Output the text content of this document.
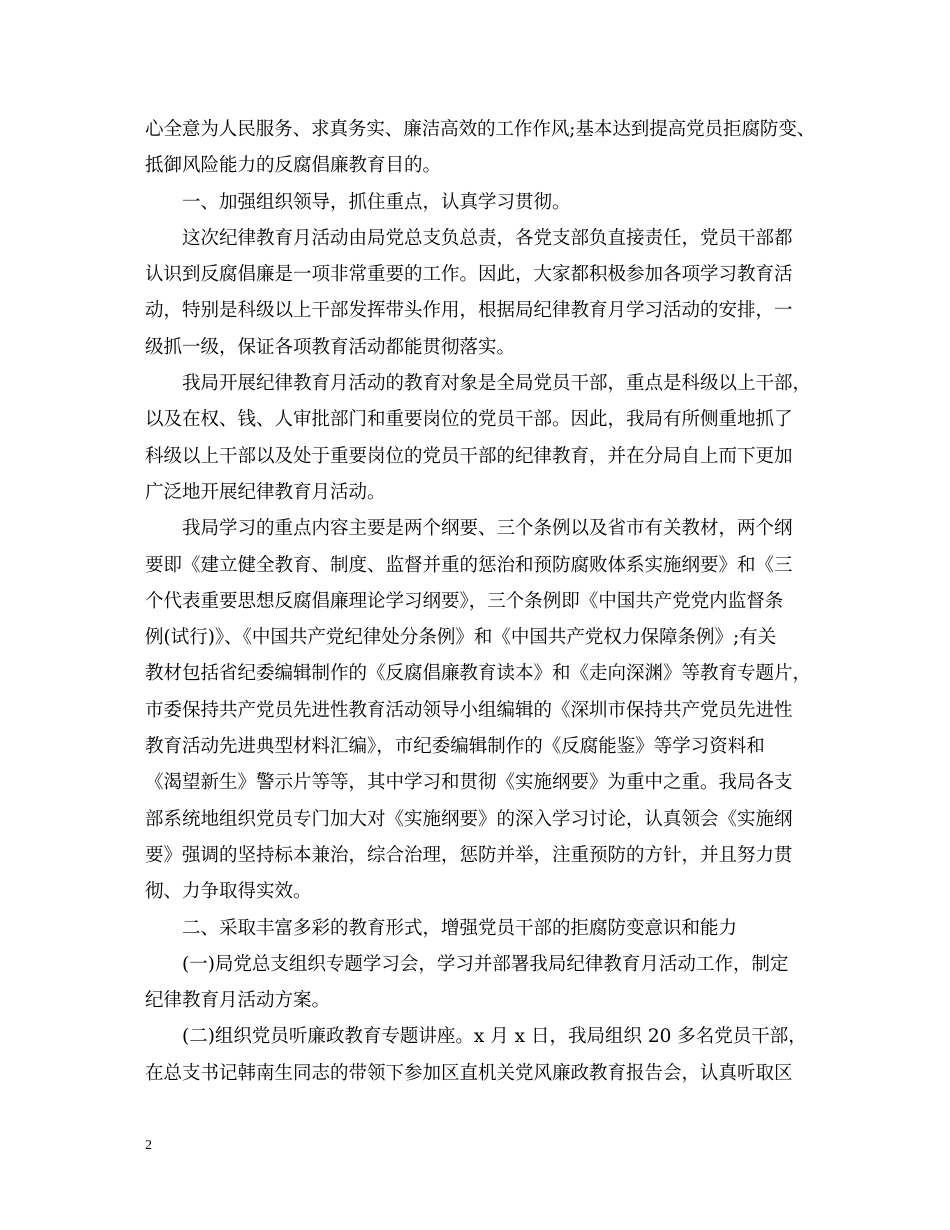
心全意为人民服务、求真务实、廉洁高效的工作作风;基本达到提高党员拒腐防变、
抵御风险能力的反腐倡廉教育目的。
一、加强组织领导，抓住重点，认真学习贯彻。
这次纪律教育月活动由局党总支负总责，各党支部负直接责任，党员干部都
认识到反腐倡廉是一项非常重要的工作。因此，大家都积极参加各项学习教育活
动，特别是科级以上干部发挥带头作用，根据局纪律教育月学习活动的安排，一
级抓一级，保证各项教育活动都能贯彻落实。
我局开展纪律教育月活动的教育对象是全局党员干部，重点是科级以上干部，
以及在权、钱、人审批部门和重要岗位的党员干部。因此，我局有所侧重地抓了
科级以上干部以及处于重要岗位的党员干部的纪律教育，并在分局自上而下更加
广泛地开展纪律教育月活动。
我局学习的重点内容主要是两个纲要、三个条例以及省市有关教材，两个纲
要即《建立健全教育、制度、监督并重的惩治和预防腐败体系实施纲要》和《三
个代表重要思想反腐倡廉理论学习纲要》，三个条例即《中国共产党党内监督条
例(试行)》、《中国共产党纪律处分条例》和《中国共产党权力保障条例》;有关
教材包括省纪委编辑制作的《反腐倡廉教育读本》和《走向深渊》等教育专题片，
市委保持共产党员先进性教育活动领导小组编辑的《深圳市保持共产党员先进性
教育活动先进典型材料汇编》，市纪委编辑制作的《反腐能鉴》等学习资料和
《渴望新生》警示片等等，其中学习和贯彻《实施纲要》为重中之重。我局各支
部系统地组织党员专门加大对《实施纲要》的深入学习讨论，认真领会《实施纲
要》强调的坚持标本兼治，综合治理，惩防并举，注重预防的方针，并且努力贯
彻、力争取得实效。
二、采取丰富多彩的教育形式，增强党员干部的拒腐防变意识和能力
(一)局党总支组织专题学习会，学习并部署我局纪律教育月活动工作，制定
纪律教育月活动方案。
(二)组织党员听廉政教育专题讲座。x 月 x 日，我局组织 20 多名党员干部，
在总支书记韩南生同志的带领下参加区直机关党风廉政教育报告会，认真听取区
2
